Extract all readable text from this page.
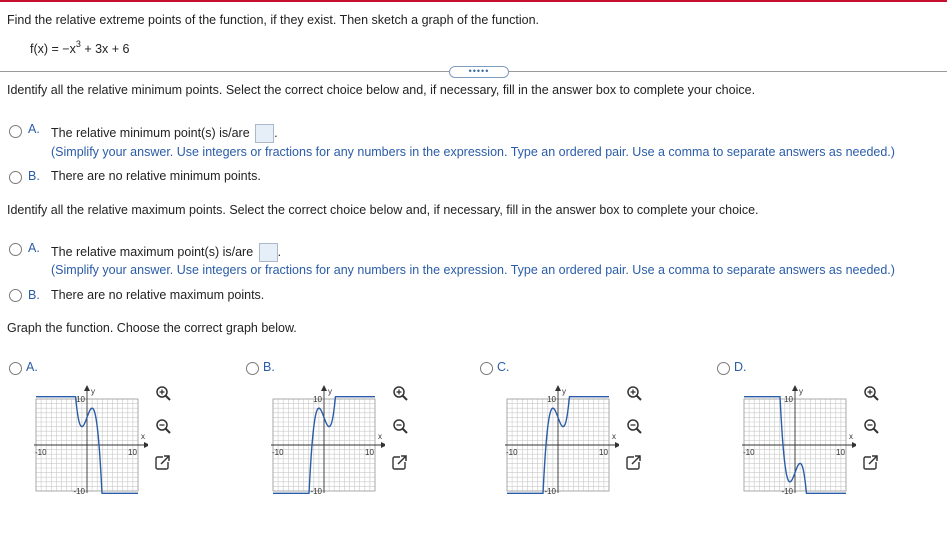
Find the relative extreme points of the function, if they exist. Then sketch a graph of the function.
$f(x) = -x^3 + 3x + 6$
•••••
Identify all the relative minimum points. Select the correct choice below and, if necessary, fill in the answer box to complete your choice.
A. The relative minimum point(s) is/are .
(Simplify your answer. Use integers or fractions for any numbers in the expression. Type an ordered pair. Use a comma to separate answers as needed.)
B. There are no relative minimum points.
Identify all the relative maximum points. Select the correct choice below and, if necessary, fill in the answer box to complete your choice.
A. The relative maximum point(s) is/are .
(Simplify your answer. Use integers or fractions for any numbers in the expression. Type an ordered pair. Use a comma to separate answers as needed.)
B. There are no relative maximum points.
Graph the function. Choose the correct graph below.
A.
y
x
-10	10
10
-10
B.
y
x
-10	10
10
-10
C.
y
x
-10	10
10
-10
D.
y
x
-10	10
10
-10
